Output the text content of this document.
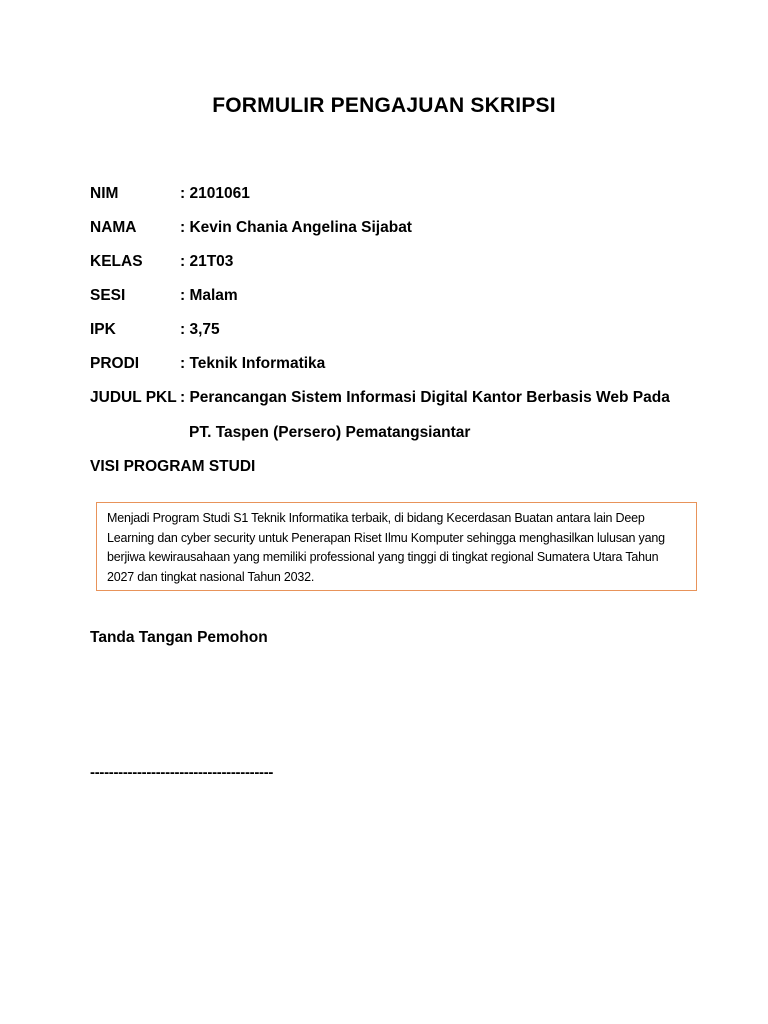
FORMULIR PENGAJUAN SKRIPSI
NIM	: 2101061
NAMA	: Kevin Chania Angelina Sijabat
KELAS : 21T03
SESI	: Malam
IPK	: 3,75
PRODI	: Teknik Informatika
JUDUL PKL : Perancangan Sistem Informasi Digital Kantor Berbasis Web Pada
PT. Taspen (Persero) Pematangsiantar
VISI PROGRAM STUDI
Menjadi Program Studi S1 Teknik Informatika terbaik, di bidang Kecerdasan Buatan antara lain Deep Learning dan cyber security untuk Penerapan Riset Ilmu Komputer sehingga menghasilkan lulusan yang berjiwa kewirausahaan yang memiliki professional yang tinggi di tingkat regional Sumatera Utara Tahun 2027 dan tingkat nasional Tahun 2032.
Tanda Tangan Pemohon
---------------------------------------
